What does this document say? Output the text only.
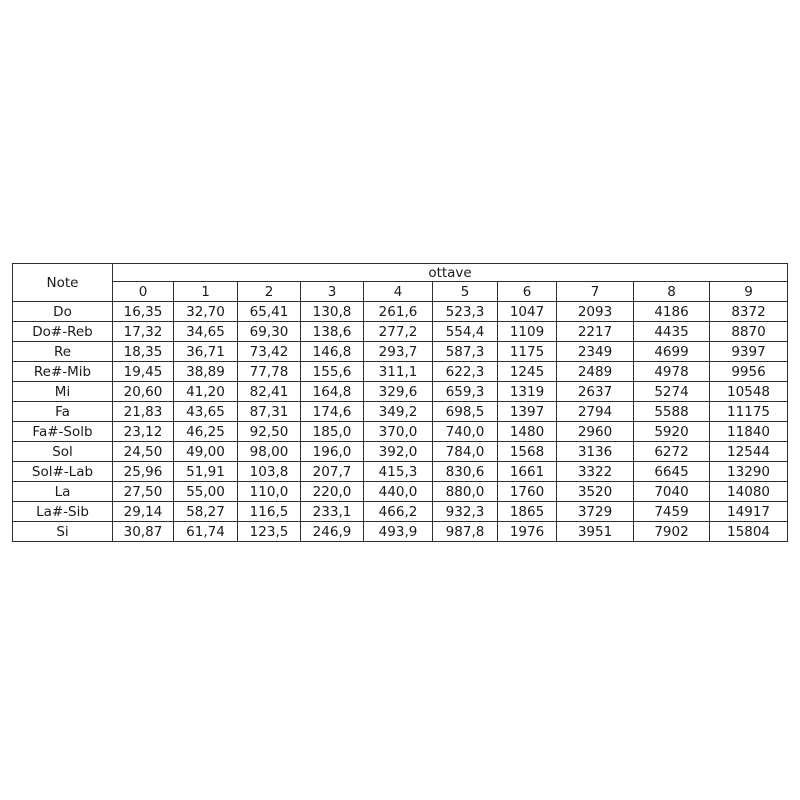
Note	ottave									
	0	1	2	3	4	5	6	7	8	9
Do	16,35	32,70	65,41	130,8	261,6	523,3	1047	2093	4186	8372
Do#-Reb	17,32	34,65	69,30	138,6	277,2	554,4	1109	2217	4435	8870
Re	18,35	36,71	73,42	146,8	293,7	587,3	1175	2349	4699	9397
Re#-Mib	19,45	38,89	77,78	155,6	311,1	622,3	1245	2489	4978	9956
Mi	20,60	41,20	82,41	164,8	329,6	659,3	1319	2637	5274	10548
Fa	21,83	43,65	87,31	174,6	349,2	698,5	1397	2794	5588	11175
Fa#-Solb	23,12	46,25	92,50	185,0	370,0	740,0	1480	2960	5920	11840
Sol	24,50	49,00	98,00	196,0	392,0	784,0	1568	3136	6272	12544
Sol#-Lab	25,96	51,91	103,8	207,7	415,3	830,6	1661	3322	6645	13290
La	27,50	55,00	110,0	220,0	440,0	880,0	1760	3520	7040	14080
La#-Sib	29,14	58,27	116,5	233,1	466,2	932,3	1865	3729	7459	14917
Si	30,87	61,74	123,5	246,9	493,9	987,8	1976	3951	7902	15804
